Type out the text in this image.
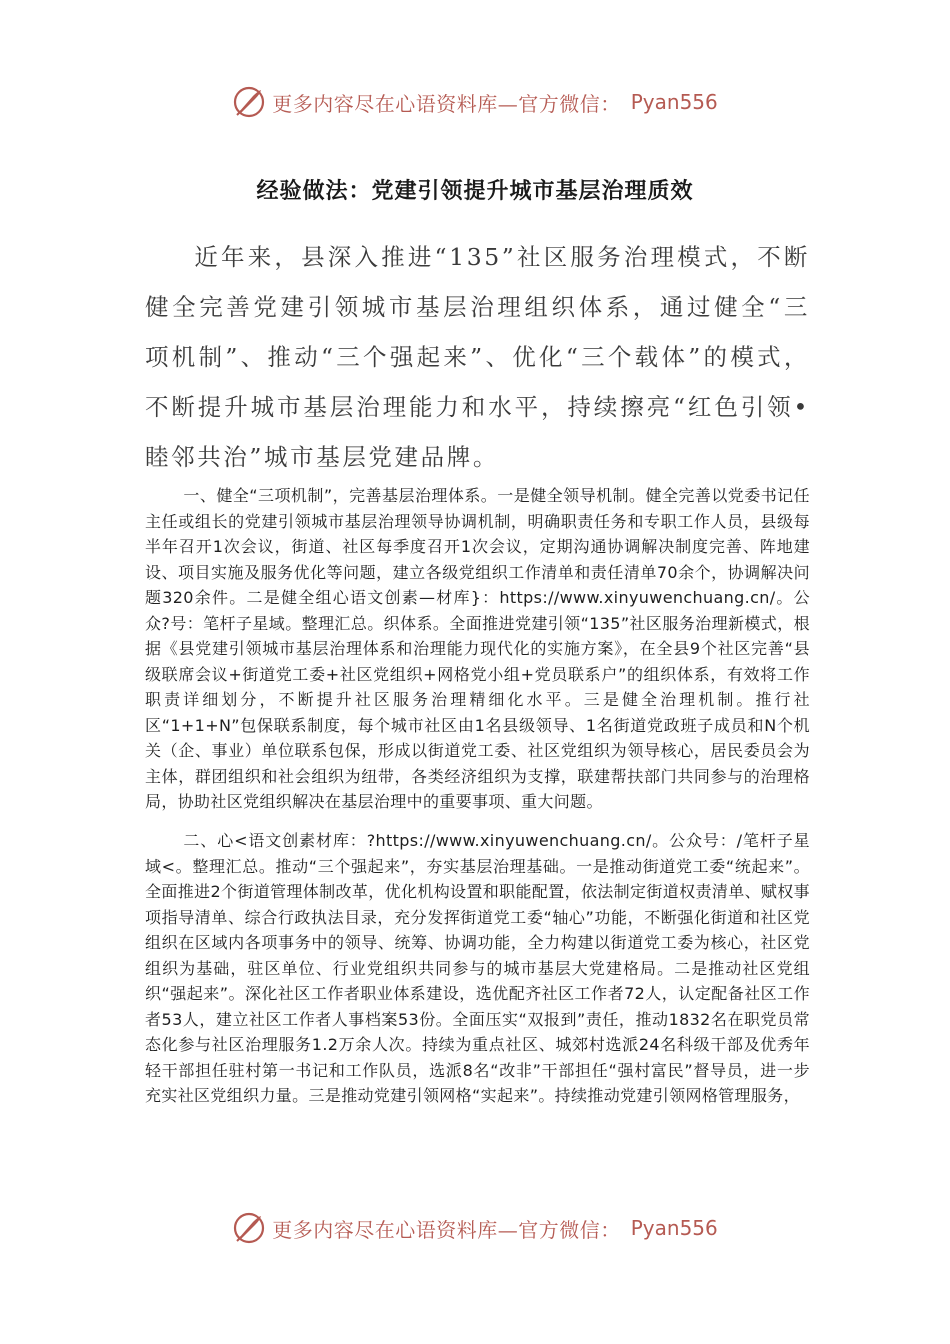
更多内容尽在心语资料库—官方微信： Pyan556
经验做法：党建引领提升城市基层治理质效

近年来，县深入推进“135”社区服务治理模式，不断健全完善党建引领城市基层治理组织体系，通过健全“三项机制”、推动“三个强起来”、优化“三个载体”的模式，不断提升城市基层治理能力和水平，持续擦亮“红色引领•睦邻共治”城市基层党建品牌。

一、健全“三项机制”，完善基层治理体系。一是健全领导机制。健全完善以党委书记任主任或组长的党建引领城市基层治理领导协调机制，明确职责任务和专职工作人员，县级每半年召开1次会议，街道、社区每季度召开1次会议，定期沟通协调解决制度完善、阵地建设、项目实施及服务优化等问题，建立各级党组织工作清单和责任清单70余个，协调解决问题320余件。二是健全组心语文创素—材库}：https://www.xinyuwenchuang.cn/。公众?号：笔杆子星域。整理汇总。织体系。全面推进党建引领“135”社区服务治理新模式，根据《县党建引领城市基层治理体系和治理能力现代化的实施方案》，在全县9个社区完善“县级联席会议+街道党工委+社区党组织+网格党小组+党员联系户”的组织体系，有效将工作职责详细划分，不断提升社区服务治理精细化水平。三是健全治理机制。推行社区“1+1+N”包保联系制度，每个城市社区由1名县级领导、1名街道党政班子成员和N个机关（企、事业）单位联系包保，形成以街道党工委、社区党组织为领导核心，居民委员会为主体，群团组织和社会组织为纽带，各类经济组织为支撑，联建帮扶部门共同参与的治理格局，协助社区党组织解决在基层治理中的重要事项、重大问题。

二、心<语文创素材库：?https://www.xinyuwenchuang.cn/。公众号：/笔杆子星域<。整理汇总。推动“三个强起来”，夯实基层治理基础。一是推动街道党工委“统起来”。全面推进2个街道管理体制改革，优化机构设置和职能配置，依法制定街道权责清单、赋权事项指导清单、综合行政执法目录，充分发挥街道党工委“轴心”功能，不断强化街道和社区党组织在区域内各项事务中的领导、统筹、协调功能，全力构建以街道党工委为核心，社区党组织为基础，驻区单位、行业党组织共同参与的城市基层大党建格局。二是推动社区党组织“强起来”。深化社区工作者职业体系建设，选优配齐社区工作者72人，认定配备社区工作者53人，建立社区工作者人事档案53份。全面压实“双报到”责任，推动1832名在职党员常态化参与社区治理服务1.2万余人次。持续为重点社区、城郊村选派24名科级干部及优秀年轻干部担任驻村第一书记和工作队员，选派8名“改非”干部担任“强村富民”督导员，进一步充实社区党组织力量。三是推动党建引领网格“实起来”。持续推动党建引领网格管理服务，

更多内容尽在心语资料库—官方微信： Pyan556
